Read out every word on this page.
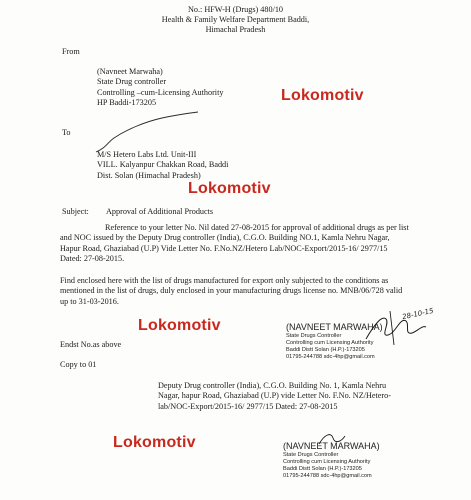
No.: HFW-H (Drugs) 480/10
Health & Family Welfare Department Baddi,
Himachal Pradesh
From
(Navneet Marwaha)
State Drug controller
Controlling –cum-Licensing Authority
HP Baddi-173205
To
M/S Hetero Labs Ltd. Unit-III
VILL. Kalyanpur Chakkan Road, Baddi
Dist. Solan (Himachal Pradesh)
Subject: Approval of Additional Products
Reference to your letter No. Nil dated 27-08-2015 for approval of additional drugs as per list
and NOC issued by the Deputy Drug controller (India), C.G.O. Building NO.1, Kamla Nehru Nagar,
Hapur Road, Ghaziabad (U.P) Vide Letter No. F.No.NZ/Hetero Lab/NOC-Export/2015-16/ 2977/15
Dated: 27-08-2015.
Find enclosed here with the list of drugs manufactured for export only subjected to the conditions as
mentioned in the list of drugs, duly enclosed in your manufacturing drugs license no. MNB/06/728 valid
up to 31-03-2016.
28-10-15
(NAVNEET MARWAHA)
State Drugs Controller
Controlling cum Licensing Authority
Baddi Distt Solan (H.P.)-173205
01795-244788 sdc-4hp@gmail.com
Endst No.as above
Copy to 01
Deputy Drug controller (India), C.G.O. Building No. 1, Kamla Nehru
Nagar, hapur Road, Ghaziabad (U.P) vide Letter No. F.No. NZ/Hetero-
lab/NOC-Export/2015-16/ 2977/15 Dated: 27-08-2015
(NAVNEET MARWAHA)
State Drugs Controller
Controlling cum Licensing Authority
Baddi Distt Solan (H.P.)-173205
01795-244788 sdc-4hp@gmail.com
Lokomotiv
Lokomotiv
Lokomotiv
Lokomotiv
